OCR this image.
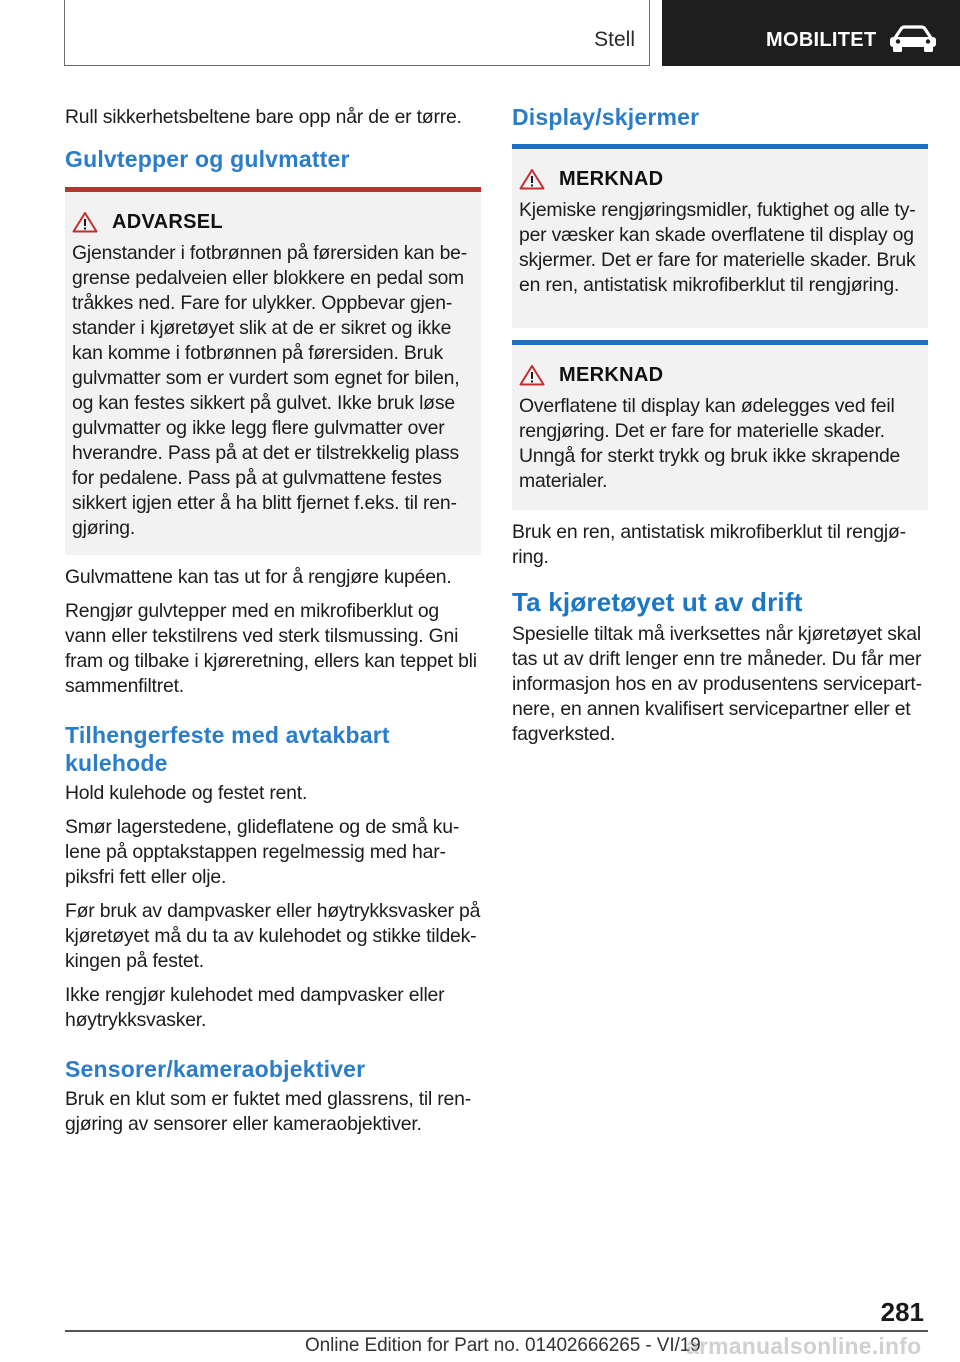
Stell	MOBILITET

Rull sikkerhetsbeltene bare opp når de er tørre.

Gulvtepper og gulvmatter
ADVARSEL
Gjenstander i fotbrønnen på førersiden kan be-grense pedalveien eller blokkere en pedal som tråkkes ned. Fare for ulykker. Oppbevar gjen-stander i kjøretøyet slik at de er sikret og ikke kan komme i fotbrønnen på førersiden. Bruk gulvmatter som er vurdert som egnet for bilen, og kan festes sikkert på gulvet. Ikke bruk løse gulvmatter og ikke legg flere gulvmatter over hverandre. Pass på at det er tilstrekkelig plass for pedalene. Pass på at gulvmattene festes sikkert igjen etter å ha blitt fjernet f.eks. til ren-gjøring.

Gulvmattene kan tas ut for å rengjøre kupéen.

Rengjør gulvtepper med en mikrofiberklut og vann eller tekstilrens ved sterk tilsmussing. Gni fram og tilbake i kjøreretning, ellers kan teppet bli sammenfiltret.

Tilhengerfeste med avtakbart kulehode

Hold kulehode og festet rent.

Smør lagerstedene, glideflatene og de små ku-lene på opptakstappen regelmessig med har-piksfri fett eller olje.

Før bruk av dampvasker eller høytrykksvasker på kjøretøyet må du ta av kulehodet og stikke tildek-kingen på festet.

Ikke rengjør kulehodet med dampvasker eller høytrykksvasker.

Sensorer/kameraobjektiver

Bruk en klut som er fuktet med glassrens, til ren-gjøring av sensorer eller kameraobjektiver.

Display/skjermer
MERKNAD
Kjemiske rengjøringsmidler, fuktighet og alle ty-per væsker kan skade overflatene til display og skjermer. Det er fare for materielle skader. Bruk en ren, antistatisk mikrofiberklut til rengjøring.
MERKNAD
Overflatene til display kan ødelegges ved feil rengjøring. Det er fare for materielle skader. Unngå for sterkt trykk og bruk ikke skrapende materialer.

Bruk en ren, antistatisk mikrofiberklut til rengjø-ring.

Ta kjøretøyet ut av drift

Spesielle tiltak må iverksettes når kjøretøyet skal tas ut av drift lenger enn tre måneder. Du får mer informasjon hos en av produsentens servicepart-nere, en annen kvalifisert servicepartner eller et fagverksted.

281
Online Edition for Part no. 01402666265 - VI/19
armanualsonline.info
